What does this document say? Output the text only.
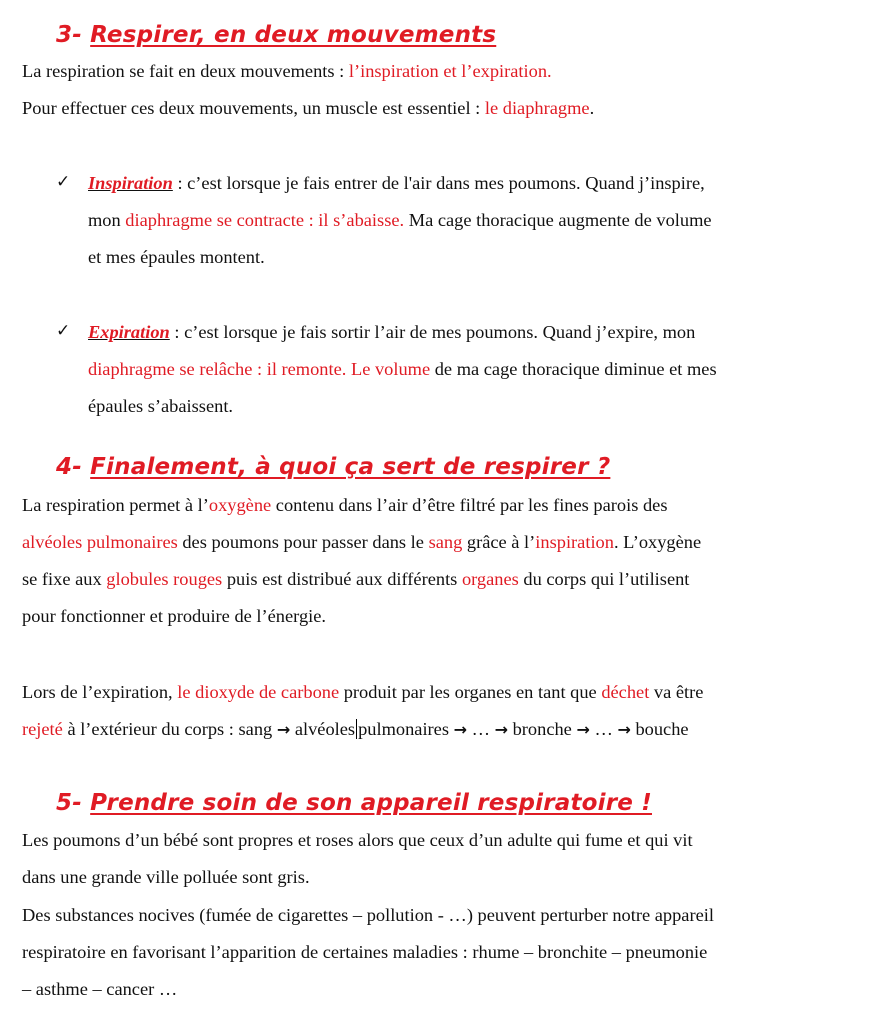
3- Respirer, en deux mouvements

La respiration se fait en deux mouvements : l’inspiration et l’expiration.

Pour effectuer ces deux mouvements, un muscle est essentiel : le diaphragme.

✓ Inspiration : c’est lorsque je fais entrer de l'air dans mes poumons. Quand j’inspire,

mon diaphragme se contracte : il s’abaisse. Ma cage thoracique augmente de volume

et mes épaules montent.

✓ Expiration : c’est lorsque je fais sortir l’air de mes poumons. Quand j’expire, mon

diaphragme se relâche : il remonte. Le volume de ma cage thoracique diminue et mes

épaules s’abaissent.

4- Finalement, à quoi ça sert de respirer ?

La respiration permet à l’oxygène contenu dans l’air d’être filtré par les fines parois des

alvéoles pulmonaires des poumons pour passer dans le sang grâce à l’inspiration. L’oxygène

se fixe aux globules rouges puis est distribué aux différents organes du corps qui l’utilisent

pour fonctionner et produire de l’énergie.

Lors de l’expiration, le dioxyde de carbone produit par les organes en tant que déchet va être

rejeté à l’extérieur du corps : sang → alvéoles pulmonaires → … → bronche → … → bouche

5- Prendre soin de son appareil respiratoire !

Les poumons d’un bébé sont propres et roses alors que ceux d’un adulte qui fume et qui vit

dans une grande ville polluée sont gris.

Des substances nocives (fumée de cigarettes – pollution - …) peuvent perturber notre appareil

respiratoire en favorisant l’apparition de certaines maladies : rhume – bronchite – pneumonie

– asthme – cancer …
